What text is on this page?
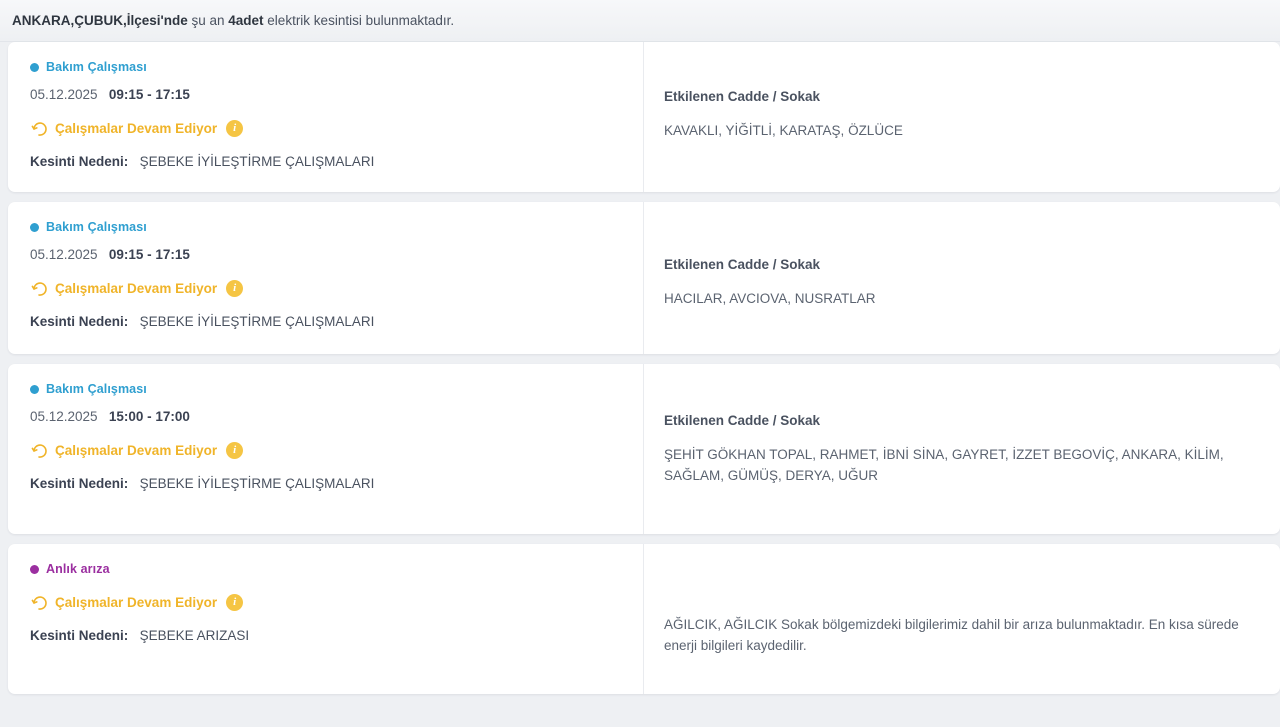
ANKARA,ÇUBUK,İlçesi'nde şu an 4adet elektrik kesintisi bulunmaktadır.
Bakım Çalışması
05.12.2025 09:15 - 17:15
Çalışmalar Devam Ediyor	i
Kesinti Nedeni: ŞEBEKE İYİLEŞTİRME ÇALIŞMALARI
Etkilenen Cadde / Sokak
KAVAKLI, YİĞİTLİ, KARATAŞ, ÖZLÜCE
Bakım Çalışması
05.12.2025 09:15 - 17:15
Çalışmalar Devam Ediyor	i
Kesinti Nedeni: ŞEBEKE İYİLEŞTİRME ÇALIŞMALARI
Etkilenen Cadde / Sokak
HACILAR, AVCIOVA, NUSRATLAR
Bakım Çalışması
05.12.2025 15:00 - 17:00
Çalışmalar Devam Ediyor	i
Kesinti Nedeni: ŞEBEKE İYİLEŞTİRME ÇALIŞMALARI
Etkilenen Cadde / Sokak
ŞEHİT GÖKHAN TOPAL, RAHMET, İBNİ SİNA, GAYRET, İZZET BEGOVİÇ, ANKARA, KİLİM, SAĞLAM, GÜMÜŞ, DERYA, UĞUR
Anlık arıza
Çalışmalar Devam Ediyor	i
Kesinti Nedeni: ŞEBEKE ARIZASI
AĞILCIK, AĞILCIK Sokak bölgemizdeki bilgilerimiz dahil bir arıza bulunmaktadır. En kısa sürede enerji bilgileri kaydedilir.
